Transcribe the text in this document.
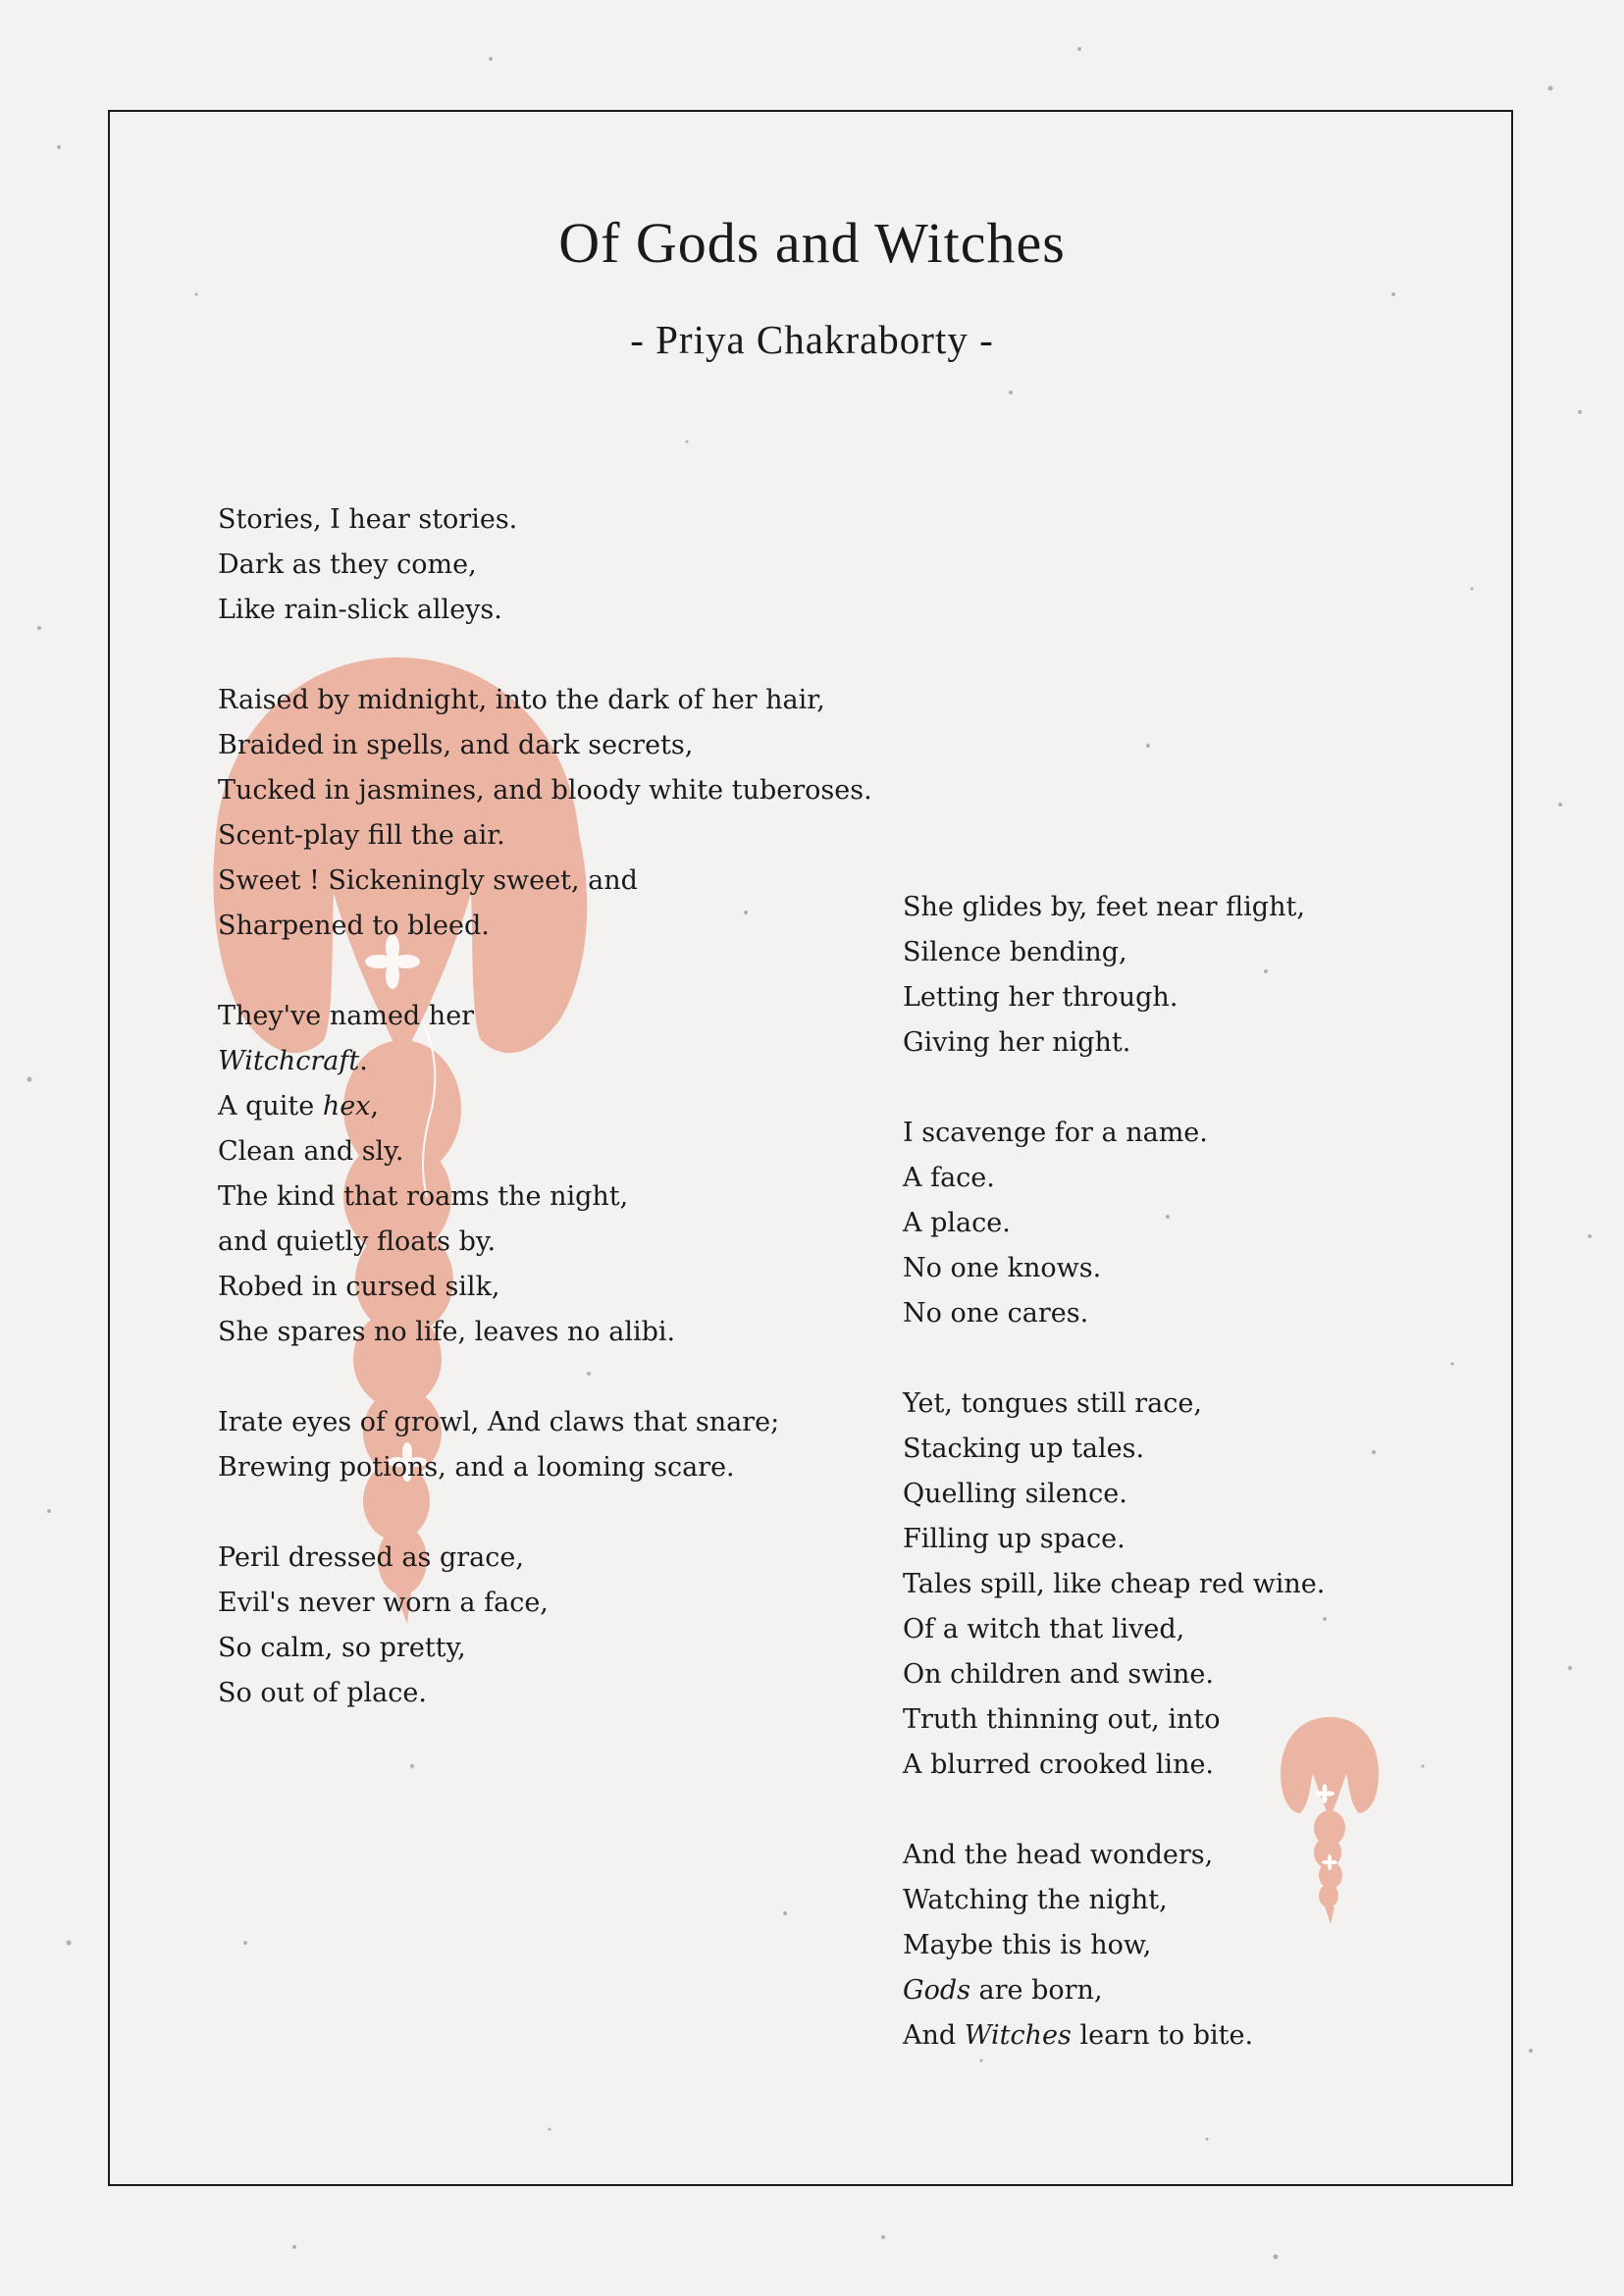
Of Gods and Witches
- Priya Chakraborty -
Stories, I hear stories.
Dark as they come,
Like rain-slick alleys.
Raised by midnight, into the dark of her hair,
Braided in spells, and dark secrets,
Tucked in jasmines, and bloody white tuberoses.
Scent-play fill the air.
Sweet ! Sickeningly sweet, and
Sharpened to bleed.
They've named her
Witchcraft.
A quite hex,
Clean and sly.
The kind that roams the night,
and quietly floats by.
Robed in cursed silk,
She spares no life, leaves no alibi.
Irate eyes of growl, And claws that snare;
Brewing potions, and a looming scare.
Peril dressed as grace,
Evil's never worn a face,
So calm, so pretty,
So out of place.
She glides by, feet near flight,
Silence bending,
Letting her through.
Giving her night.
I scavenge for a name.
A face.
A place.
No one knows.
No one cares.
Yet, tongues still race,
Stacking up tales.
Quelling silence.
Filling up space.
Tales spill, like cheap red wine.
Of a witch that lived,
On children and swine.
Truth thinning out, into
A blurred crooked line.
And the head wonders,
Watching the night,
Maybe this is how,
Gods are born,
And Witches learn to bite.
